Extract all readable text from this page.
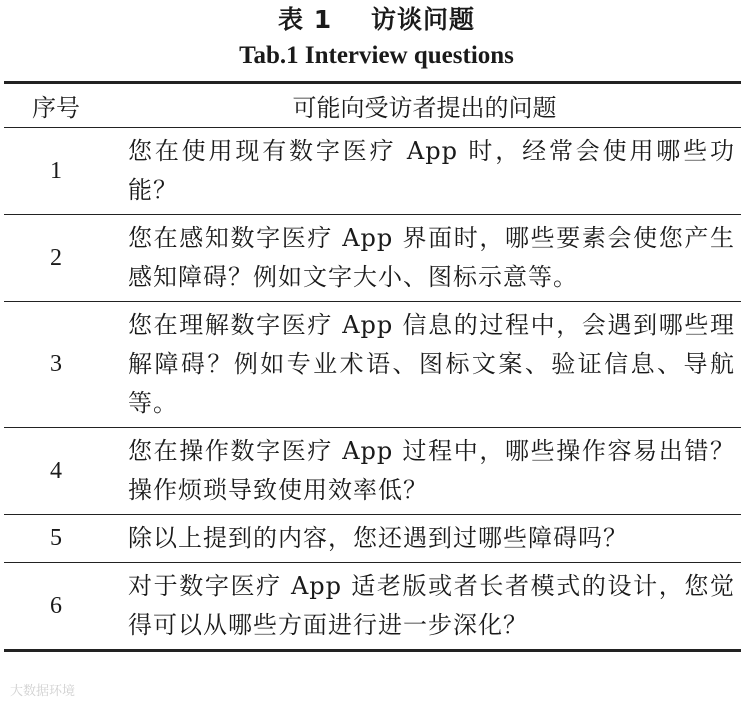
表 1    访谈问题
Tab.1 Interview questions
序号	可能向受访者提出的问题
1	您在使用现有数字医疗 App 时，经常会使用哪些功能？
2	您在感知数字医疗 App 界面时，哪些要素会使您产生感知障碍？例如文字大小、图标示意等。
3	您在理解数字医疗 App 信息的过程中，会遇到哪些理解障碍？例如专业术语、图标文案、验证信息、导航等。
4	您在操作数字医疗 App 过程中，哪些操作容易出错？操作烦琐导致使用效率低？
5	除以上提到的内容，您还遇到过哪些障碍吗？
6	对于数字医疗 App 适老版或者长者模式的设计，您觉得可以从哪些方面进行进一步深化？
大数据环境
